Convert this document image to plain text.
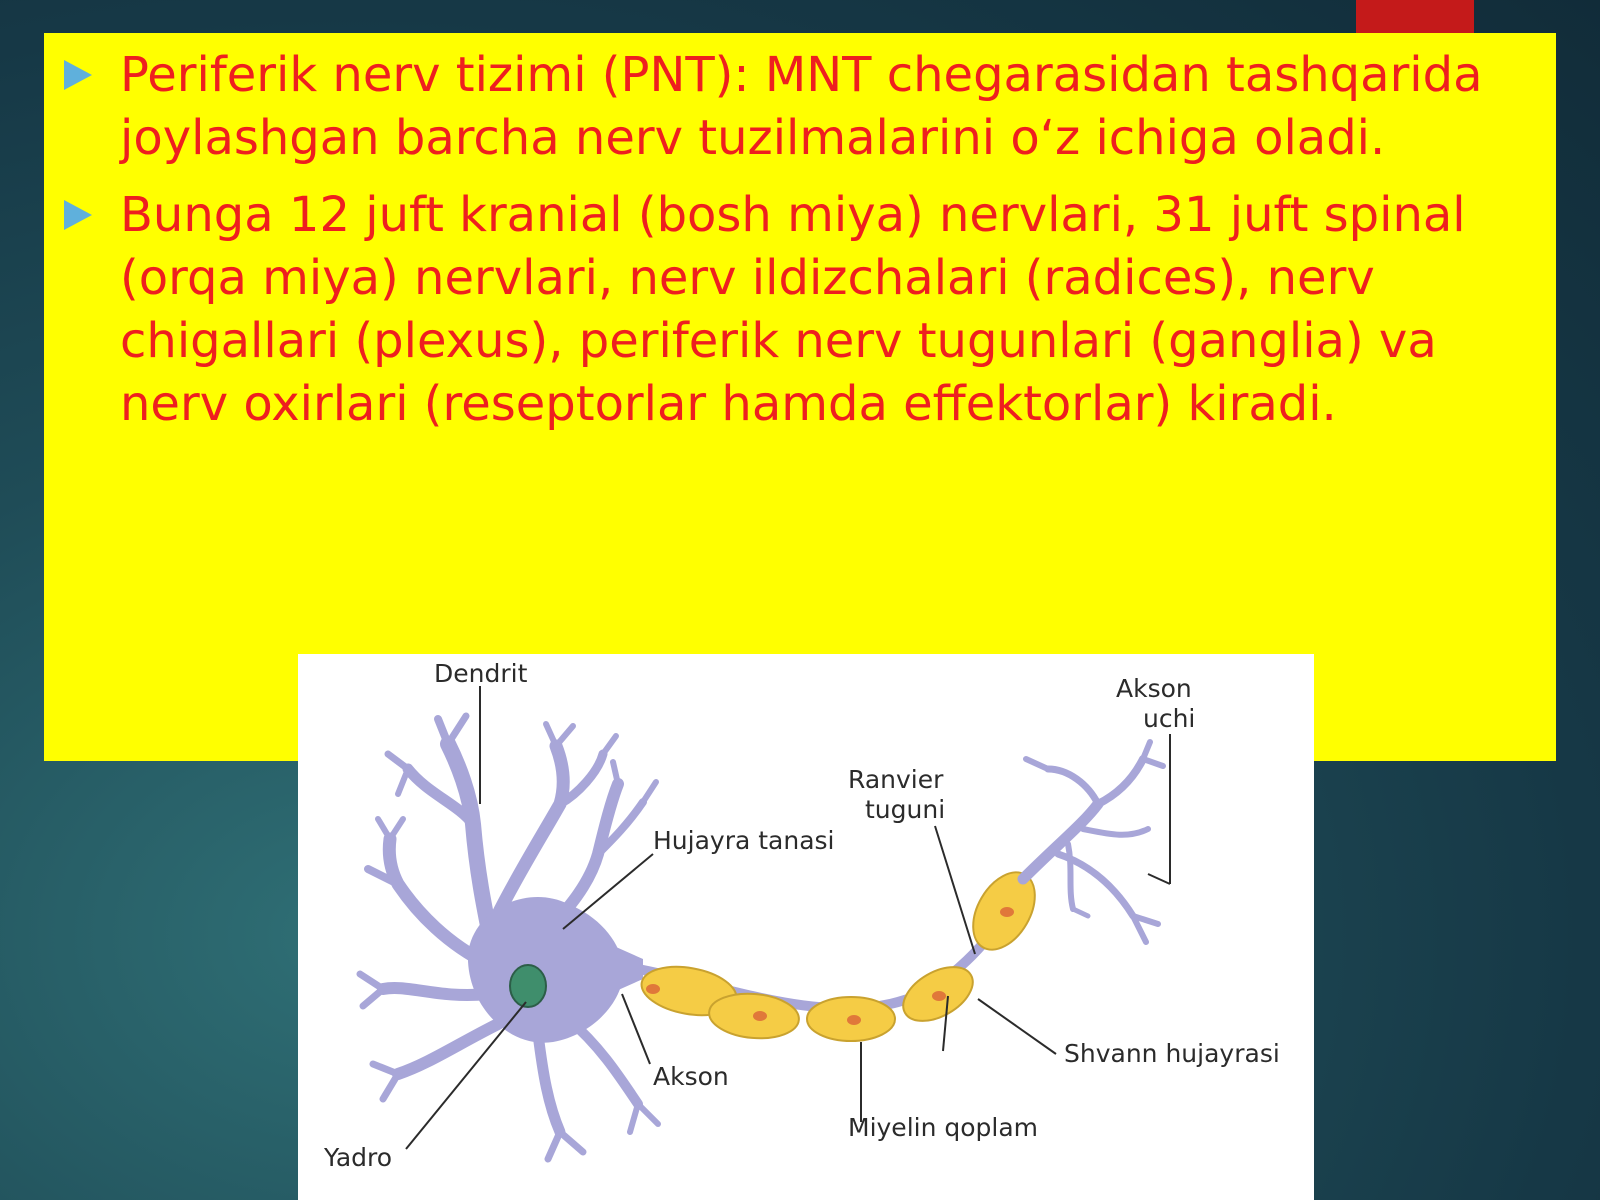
Periferik nerv tizimi (PNT): MNT chegarasidan tashqarida joylashgan barcha nerv tuzilmalarini o‘z ichiga oladi.
Bunga 12 juft kranial (bosh miya) nervlari, 31 juft spinal (orqa miya) nervlari, nerv ildizchalari (radices), nerv chigallari (plexus), periferik nerv tugunlari (ganglia) va nerv oxirlari (reseptorlar hamda effektorlar) kiradi.
Dendrit
Akson
uchi
Ranvier
tuguni
Hujayra tanasi
Shvann hujayrasi
Akson
Miyelin qoplam
Yadro
